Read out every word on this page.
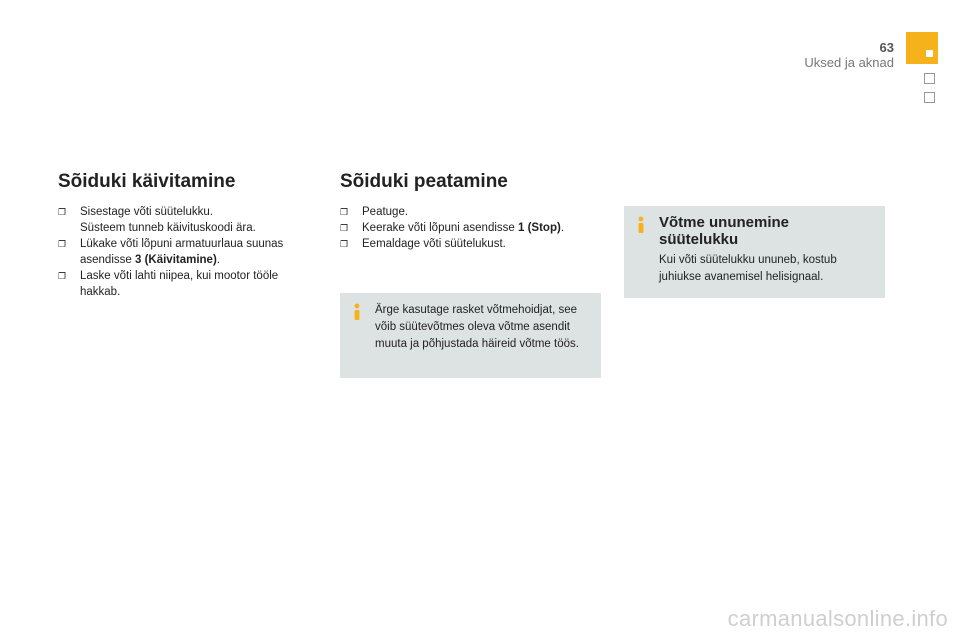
63
Uksed ja aknad
Sõiduki käivitamine
❐ Sisestage võti süütelukku.
Süsteem tunneb käivituskoodi ära.
❐ Lükake võti lõpuni armatuurlaua suunas
asendisse 3 (Käivitamine).
❐ Laske võti lahti niipea, kui mootor tööle
hakkab.
Sõiduki peatamine
❐ Peatuge.
❐ Keerake võti lõpuni asendisse 1 (Stop).
❐ Eemaldage võti süütelukust.
Ärge kasutage rasket võtmehoidjat, see
võib süütevõtmes oleva võtme asendit
muuta ja põhjustada häireid võtme töös.
Võtme ununemine
süütelukku
Kui võti süütelukku ununeb, kostub
juhiukse avanemisel helisignaal.
carmanualsonline.info
